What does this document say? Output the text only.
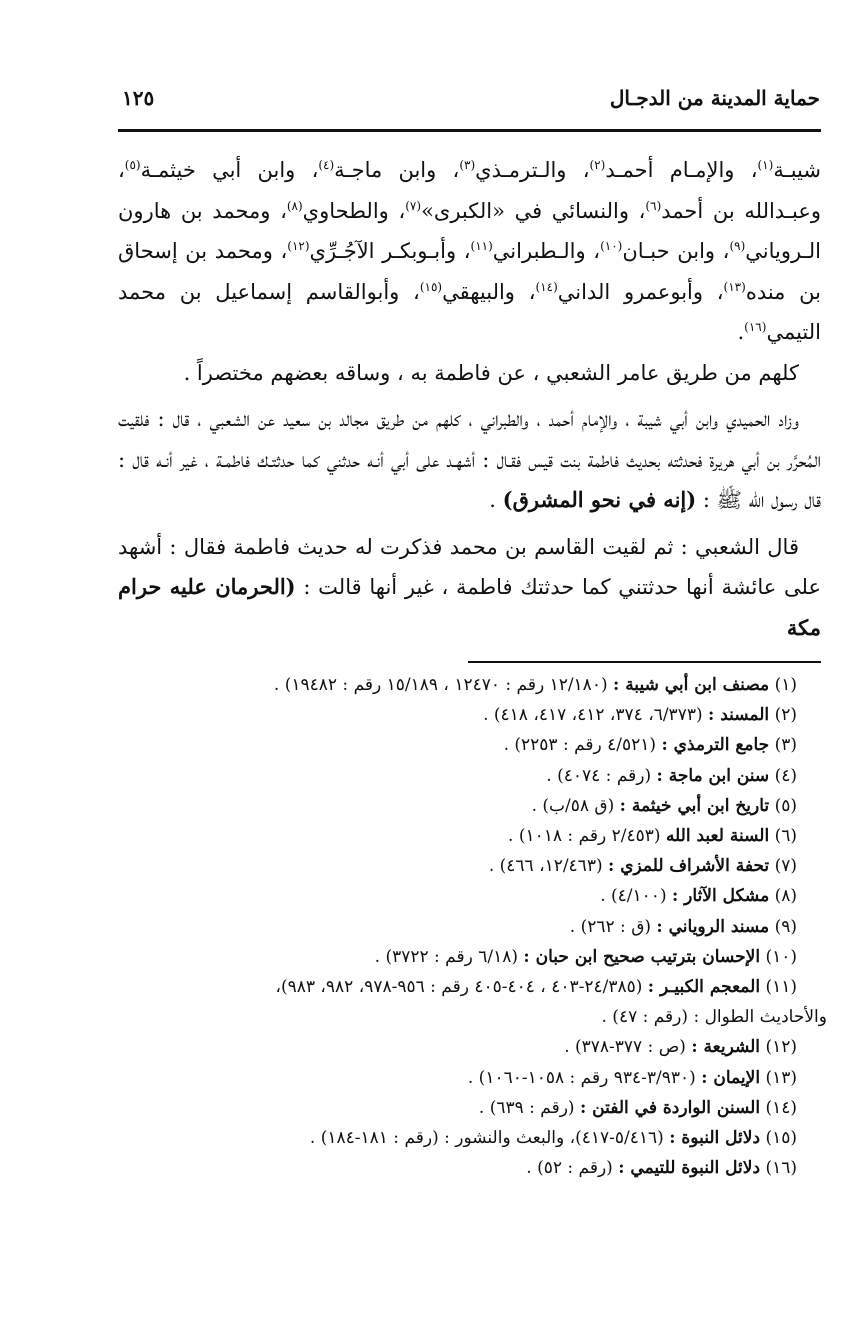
حماية المدينة من الدجـال
١٢٥

شيبـة$^{(١)}$، والإمـام أحمـد$^{(٢)}$، والـترمـذي$^{(٣)}$، وابن ماجـة$^{(٤)}$، وابن أبي خيثمـة$^{(٥)}$، وعبـدالله بن أحمد$^{(٦)}$، والنسائي في «الكبرى»$^{(٧)}$، والطحاوي$^{(٨)}$، ومحمد بن هارون الـروياني$^{(٩)}$، وابن حبـان$^{(١٠)}$، والـطبراني$^{(١١)}$، وأبـوبكـر الآجُـرِّي$^{(١٢)}$، ومحمد بن إسحاق بن منده$^{(١٣)}$، وأبوعمرو الداني$^{(١٤)}$، والبيهقي$^{(١٥)}$، وأبوالقاسم إسماعيل بن محمد التيمي$^{(١٦)}$.

كلهم من طريق عامر الشعبي ، عن فاطمة به ، وساقه بعضهم مختصراً .

وزاد الحميدي وابن أبي شيبة ، والإمام أحمد ، والطبراني ، كلهم من طريق مجالد بن سعيد عن الشعبي ، قال : فلقيت المُحرَّر بن أبي هريرة فحدثته بحديث فاطمة بنت قيس فقـال : أشهـد على أبي أنـه حدثني كما حدثتـك فاطمـة ، غير أنـه قال : قال رسول الله ﷺ : (إنه في نحو المشرق) .

قال الشعبي : ثم لقيت القاسم بن محمد فذكرت له حديث فاطمة فقال : أشهد على عائشة أنها حدثتني كما حدثتك فاطمة ، غير أنها قالت : (الحرمان عليه حرام مكة

(١) مصنف ابن أبي شيبة : (١٢/١٨٠ رقم : ١٢٤٧٠ ، ١٥/١٨٩ رقم : ١٩٤٨٢) .
(٢) المسند : (٦/٣٧٣، ٣٧٤، ٤١٢، ٤١٧، ٤١٨) .
(٣) جامع الترمذي : (٤/٥٢١ رقم : ٢٢٥٣) .
(٤) سنن ابن ماجة : (رقم : ٤٠٧٤) .
(٥) تاريخ ابن أبي خيثمة : (ق ٥٨/ب) .
(٦) السنة لعبد الله (٢/٤٥٣ رقم : ١٠١٨) .
(٧) تحفة الأشراف للمزي : (١٢/٤٦٣، ٤٦٦) .
(٨) مشكل الآثار : (٤/١٠٠) .
(٩) مسند الروياني : (ق : ٢٦٢) .
(١٠) الإحسان بترتيب صحيح ابن حبان : (٦/١٨ رقم : ٣٧٢٢) .
(١١) المعجم الكبيـر : (٢٤/٣٨٥-٤٠٣ ، ٤٠٤-٤٠٥ رقم : ٩٥٦-٩٧٨، ٩٨٢، ٩٨٣)،
والأحاديث الطوال : (رقم : ٤٧) .
(١٢) الشريعة : (ص : ٣٧٧-٣٧٨) .
(١٣) الإيمان : (٣/٩٣٠-٩٣٤ رقم : ١٠٥٨-١٠٦٠) .
(١٤) السنن الواردة في الفتن : (رقم : ٦٣٩) .
(١٥) دلائل النبوة : (٥/٤١٦-٤١٧)، والبعث والنشور : (رقم : ١٨١-١٨٤) .
(١٦) دلائل النبوة للتيمي : (رقم : ٥٢) .
